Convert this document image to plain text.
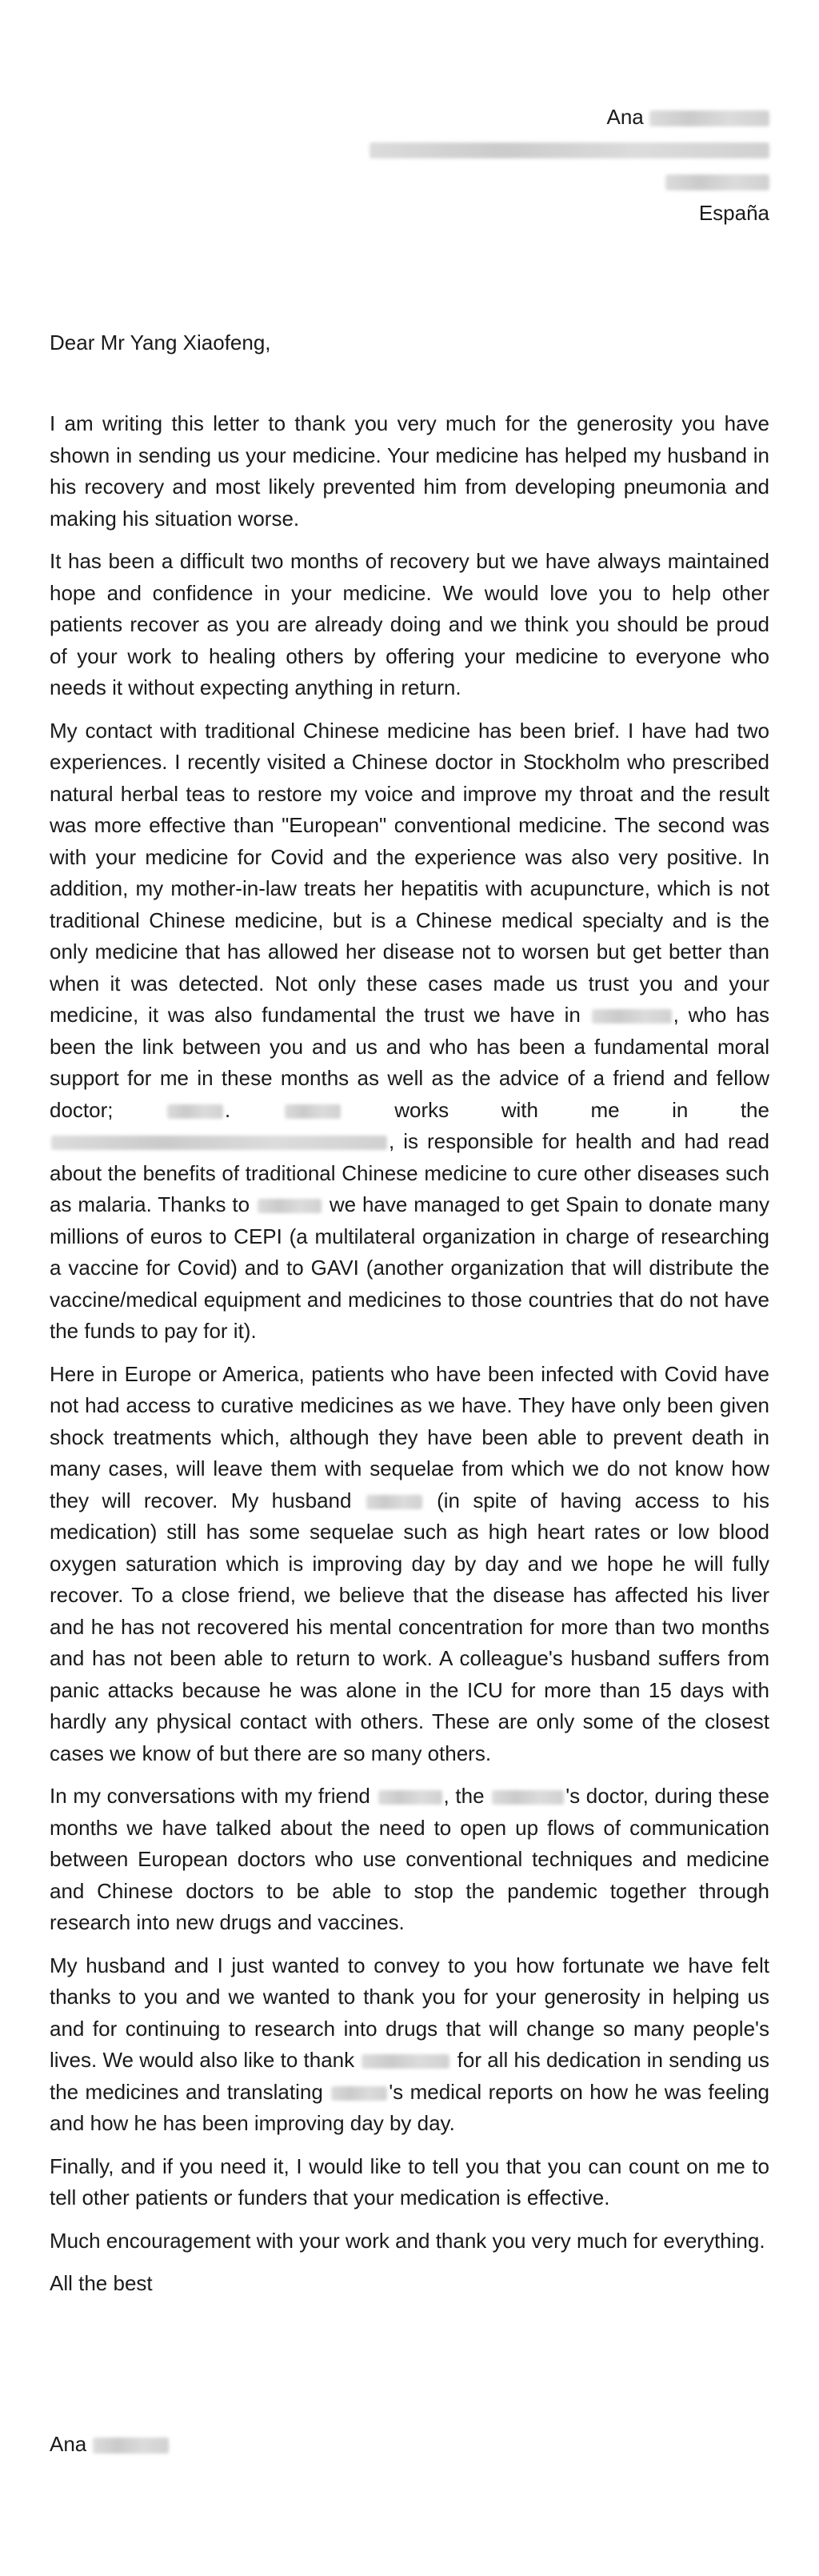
Ana
España
Dear Mr Yang Xiaofeng,

I am writing this letter to thank you very much for the generosity you have shown in sending us your medicine. Your medicine has helped my husband in his recovery and most likely prevented him from developing pneumonia and making his situation worse.

It has been a difficult two months of recovery but we have always maintained hope and confidence in your medicine. We would love you to help other patients recover as you are already doing and we think you should be proud of your work to healing others by offering your medicine to everyone who needs it without expecting anything in return.

My contact with traditional Chinese medicine has been brief. I have had two experiences. I recently visited a Chinese doctor in Stockholm who prescribed natural herbal teas to restore my voice and improve my throat and the result was more effective than "European" conventional medicine. The second was with your medicine for Covid and the experience was also very positive. In addition, my mother-in-law treats her hepatitis with acupuncture, which is not traditional Chinese medicine, but is a Chinese medical specialty and is the only medicine that has allowed her disease not to worsen but get better than when it was detected. Not only these cases made us trust you and your medicine, it was also fundamental the trust we have in	, who has been the link between you and us and who has been a fundamental moral support for me in these months as well as the advice of a friend and fellow doctor;	.	works with me in the , is responsible for health and had read about the benefits of traditional Chinese medicine to cure other diseases such as malaria. Thanks to	we have managed to get Spain to donate many millions of euros to CEPI (a multilateral organization in charge of researching a vaccine for Covid) and to GAVI (another organization that will distribute the vaccine/medical equipment and medicines to those countries that do not have the funds to pay for it).

Here in Europe or America, patients who have been infected with Covid have not had access to curative medicines as we have. They have only been given shock treatments which, although they have been able to prevent death in many cases, will leave them with sequelae from which we do not know how they will recover. My husband	(in spite of having access to his medication) still has some sequelae such as high heart rates or low blood oxygen saturation which is improving day by day and we hope he will fully recover. To a close friend, we believe that the disease has affected his liver and he has not recovered his mental concentration for more than two months and has not been able to return to work. A colleague's husband suffers from panic attacks because he was alone in the ICU for more than 15 days with hardly any physical contact with others. These are only some of the closest cases we know of but there are so many others.

In my conversations with my friend	, the	's doctor, during these months we have talked about the need to open up flows of communication between European doctors who use conventional techniques and medicine and Chinese doctors to be able to stop the pandemic together through research into new drugs and vaccines.

My husband and I just wanted to convey to you how fortunate we have felt thanks to you and we wanted to thank you for your generosity in helping us and for continuing to research into drugs that will change so many people's lives. We would also like to thank	for all his dedication in sending us the medicines and translating	's medical reports on how he was feeling and how he has been improving day by day.

Finally, and if you need it, I would like to tell you that you can count on me to tell other patients or funders that your medication is effective.

Much encouragement with your work and thank you very much for everything.

All the best

Ana
